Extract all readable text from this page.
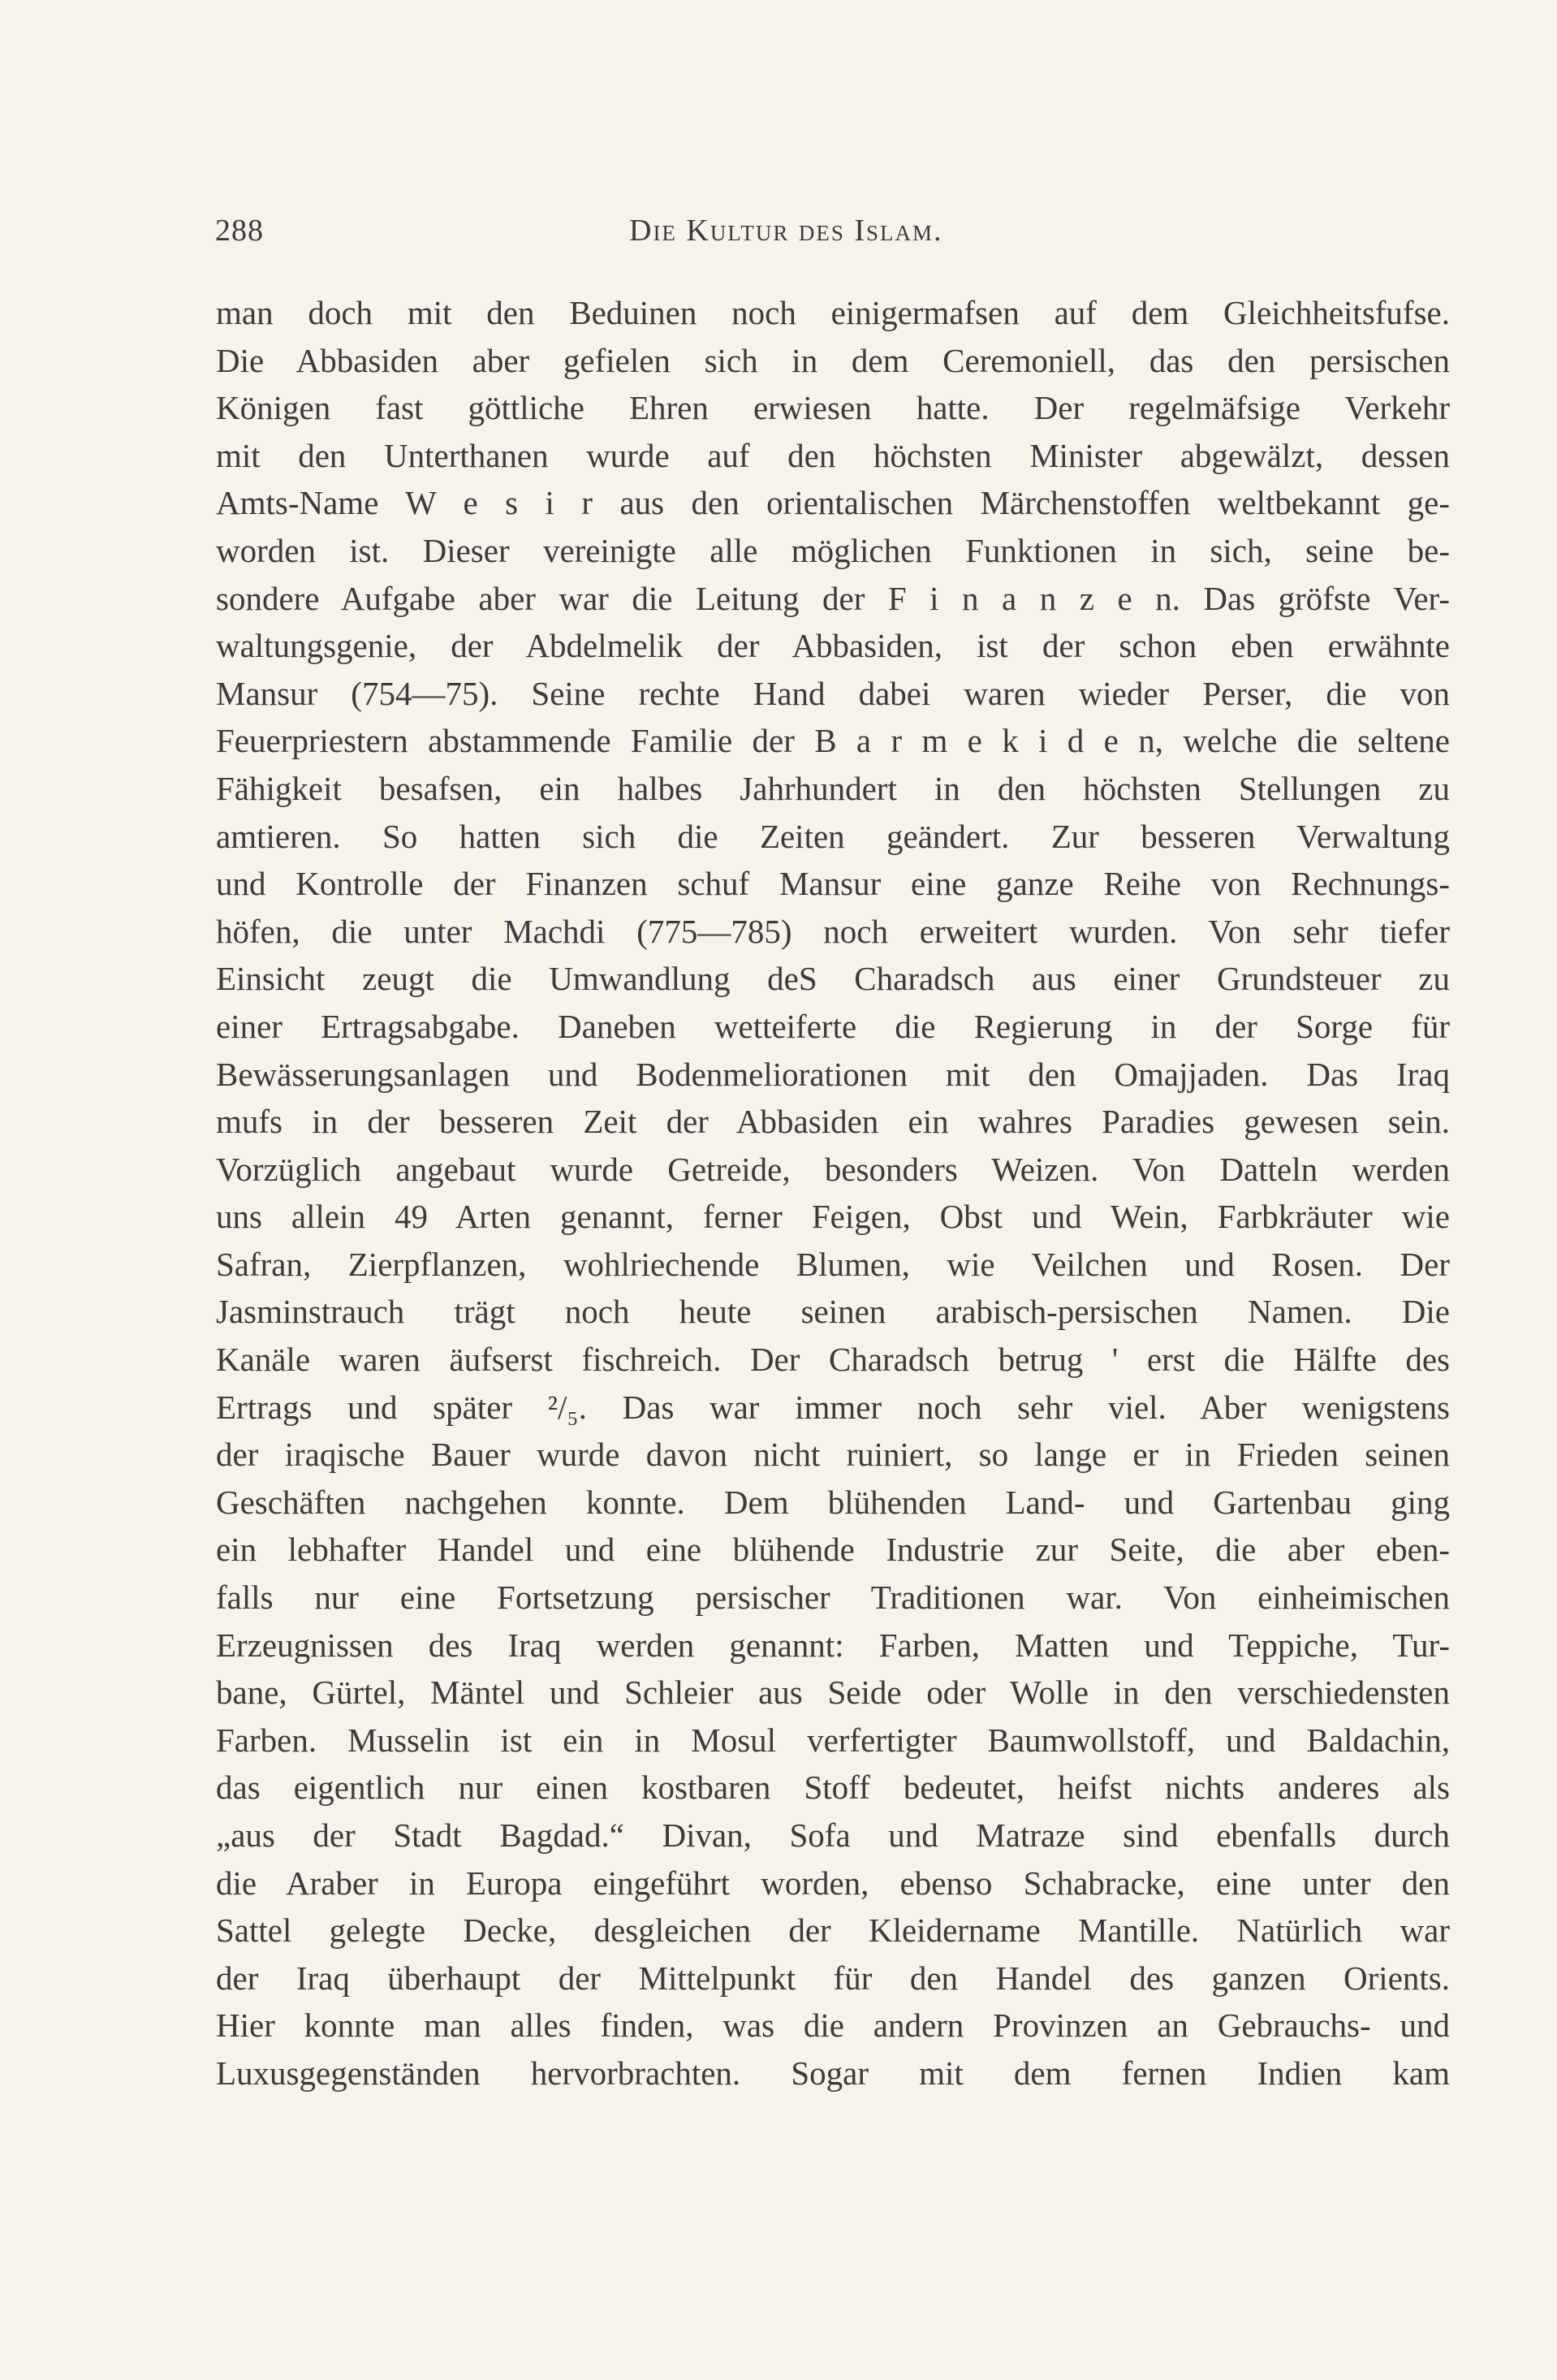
288	Die Kultur des Islam.
man doch mit den Beduinen noch einigermafsen auf dem Gleichheitsfufse.
Die Abbasiden aber gefielen sich in dem Ceremoniell, das den persischen
Königen fast göttliche Ehren erwiesen hatte. Der regelmäfsige Verkehr
mit den Unterthanen wurde auf den höchsten Minister abgewälzt, dessen
Amts-Name W e s i r aus den orientalischen Märchenstoffen weltbekannt ge-
worden ist. Dieser vereinigte alle möglichen Funktionen in sich, seine be-
sondere Aufgabe aber war die Leitung der F i n a n z e n. Das gröfste Ver-
waltungsgenie, der Abdelmelik der Abbasiden, ist der schon eben erwähnte
Mansur (754—75). Seine rechte Hand dabei waren wieder Perser, die von
Feuerpriestern abstammende Familie der B a r m e k i d e n, welche die seltene
Fähigkeit besafsen, ein halbes Jahrhundert in den höchsten Stellungen zu
amtieren. So hatten sich die Zeiten geändert. Zur besseren Verwaltung
und Kontrolle der Finanzen schuf Mansur eine ganze Reihe von Rechnungs-
höfen, die unter Machdi (775—785) noch erweitert wurden. Von sehr tiefer
Einsicht zeugt die Umwandlung deS Charadsch aus einer Grundsteuer zu
einer Ertragsabgabe. Daneben wetteiferte die Regierung in der Sorge für
Bewässerungsanlagen und Bodenmeliorationen mit den Omajjaden. Das Iraq
mufs in der besseren Zeit der Abbasiden ein wahres Paradies gewesen sein.
Vorzüglich angebaut wurde Getreide, besonders Weizen. Von Datteln werden
uns allein 49 Arten genannt, ferner Feigen, Obst und Wein, Farbkräuter wie
Safran, Zierpflanzen, wohlriechende Blumen, wie Veilchen und Rosen. Der
Jasminstrauch trägt noch heute seinen arabisch-persischen Namen. Die
Kanäle waren äufserst fischreich. Der Charadsch betrug ' erst die Hälfte des
Ertrags und später ²/₅. Das war immer noch sehr viel. Aber wenigstens
der iraqische Bauer wurde davon nicht ruiniert, so lange er in Frieden seinen
Geschäften nachgehen konnte. Dem blühenden Land- und Gartenbau ging
ein lebhafter Handel und eine blühende Industrie zur Seite, die aber eben-
falls nur eine Fortsetzung persischer Traditionen war. Von einheimischen
Erzeugnissen des Iraq werden genannt: Farben, Matten und Teppiche, Tur-
bane, Gürtel, Mäntel und Schleier aus Seide oder Wolle in den verschiedensten
Farben. Musselin ist ein in Mosul verfertigter Baumwollstoff, und Baldachin,
das eigentlich nur einen kostbaren Stoff bedeutet, heifst nichts anderes als
„aus der Stadt Bagdad.“ Divan, Sofa und Matraze sind ebenfalls durch
die Araber in Europa eingeführt worden, ebenso Schabracke, eine unter den
Sattel gelegte Decke, desgleichen der Kleidername Mantille. Natürlich war
der Iraq überhaupt der Mittelpunkt für den Handel des ganzen Orients.
Hier konnte man alles finden, was die andern Provinzen an Gebrauchs- und
Luxusgegenständen hervorbrachten. Sogar mit dem fernen Indien kam
